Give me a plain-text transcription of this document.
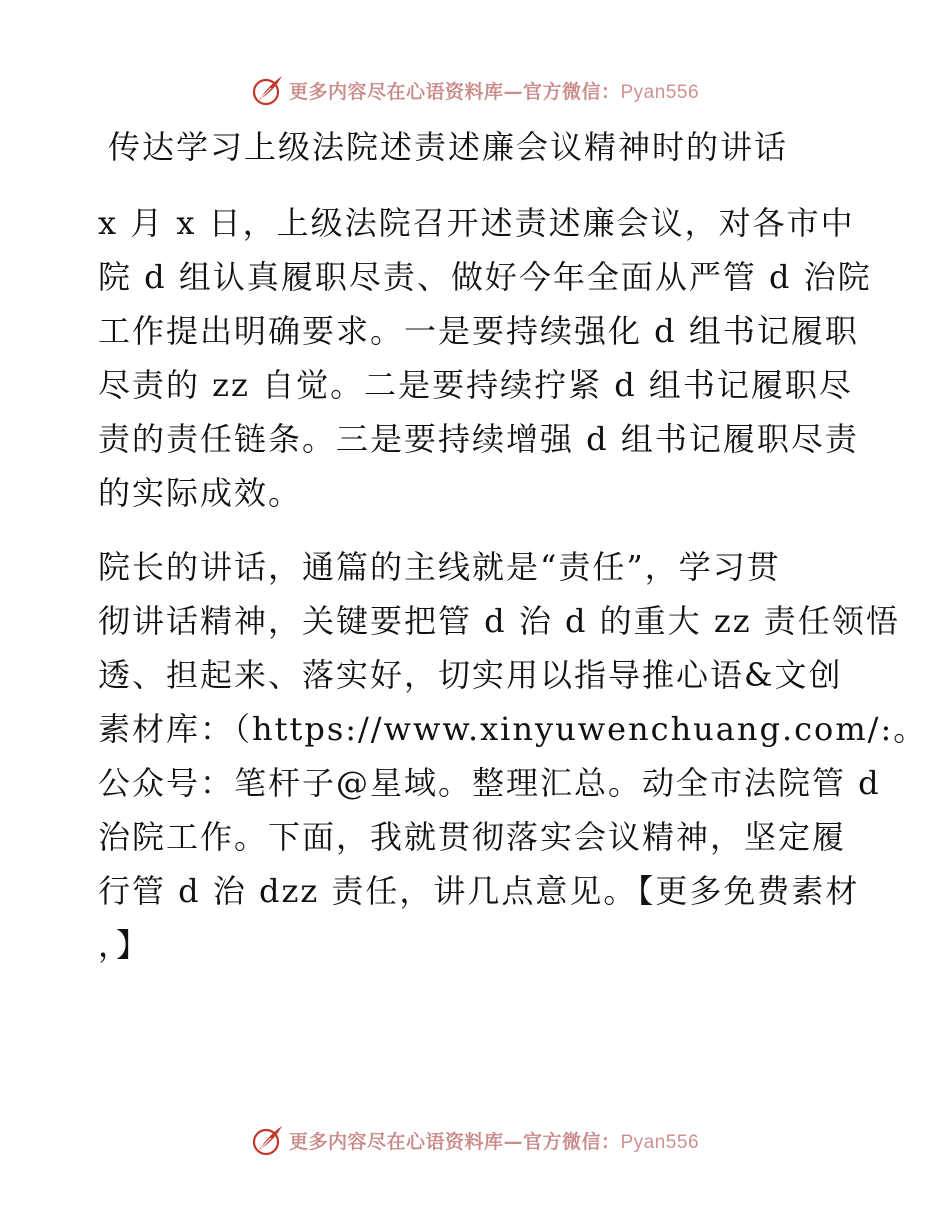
更多内容尽在心语资料库—官方微信：Pyan556
传达学习上级法院述责述廉会议精神时的讲话
x 月 x 日，上级法院召开述责述廉会议，对各市中
院 d 组认真履职尽责、做好今年全面从严管 d 治院
工作提出明确要求。一是要持续强化 d 组书记履职
尽责的 zz 自觉。二是要持续拧紧 d 组书记履职尽
责的责任链条。三是要持续增强 d 组书记履职尽责
的实际成效。
院长的讲话，通篇的主线就是“责任”，学习贯
彻讲话精神，关键要把管 d 治 d 的重大 zz 责任领悟
透、担起来、落实好，切实用以指导推心语&文创
素材库：（https://www.xinyuwenchuang.com/:。
公众号：笔杆子@星域。整理汇总。动全市法院管 d
治院工作。下面，我就贯彻落实会议精神，坚定履
行管 d 治 dzz 责任，讲几点意见。【更多免费素材
，】
更多内容尽在心语资料库—官方微信：Pyan556
